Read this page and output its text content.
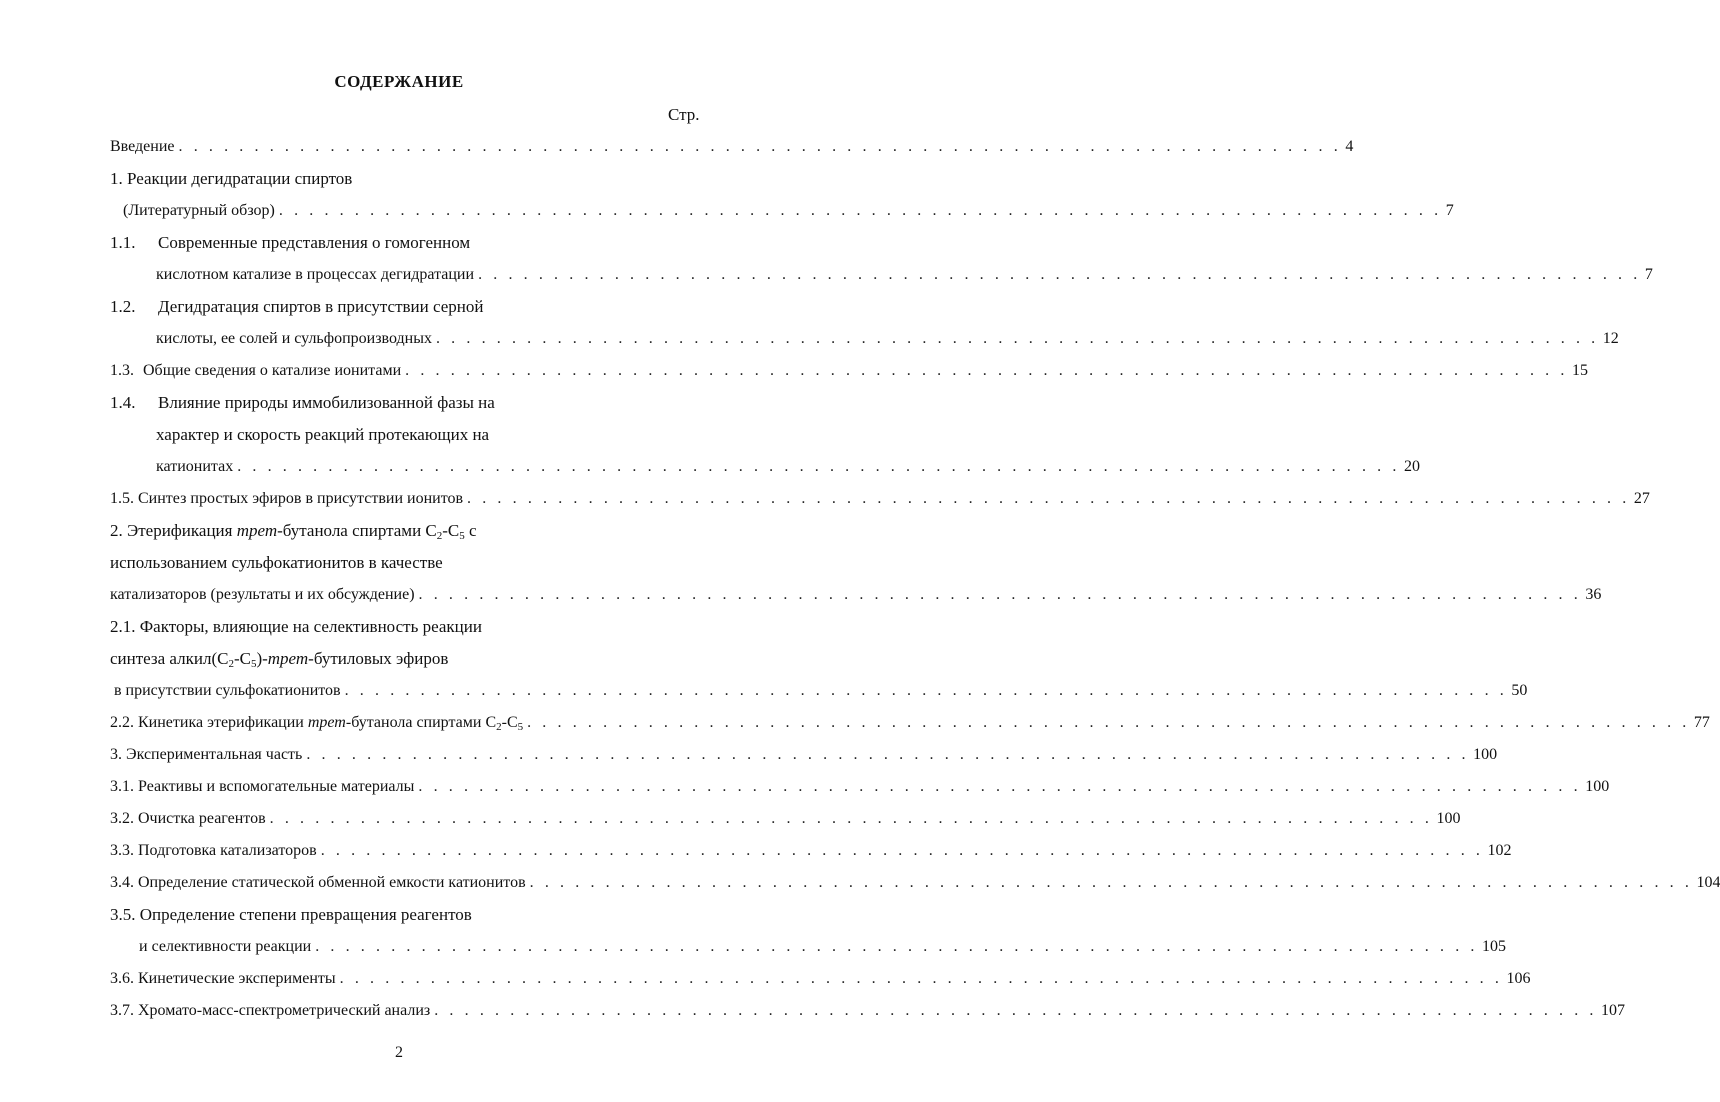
СОДЕРЖАНИЕ
Стр.
Введение . . . . . . . . . . . . . . . . . . . . . . . . . . . . . . . . . . . . . . . . . . . . . . . . . . . . . . . . . . . . . . . . . . . . . . . . . . . . . 4
1. Реакции дегидратации спиртов
(Литературный обзор) . . . . . . . . . . . . . . . . . . . . . . . . . . . . . . . . . . . . . . . . . . . . . . . . . . . . . . . . . . . . . . . . . . . . . . . . . . . . . 7
1.1. Современные представления о гомогенном
кислотном катализе в процессах дегидратации . . . . . . . . . . . . . . . . . . . . . . . . . . . . . . . . . . . . . . . . . . . . . . . . . . . . . . . . . . . . . . . . . . . . . . . . . . . . . 7
1.2. Дегидратация спиртов в присутствии серной
кислоты, ее солей и сульфопроизводных . . . . . . . . . . . . . . . . . . . . . . . . . . . . . . . . . . . . . . . . . . . . . . . . . . . . . . . . . . . . . . . . . . . . . . . . . . . . . 12
1.3. Общие сведения о катализе ионитами . . . . . . . . . . . . . . . . . . . . . . . . . . . . . . . . . . . . . . . . . . . . . . . . . . . . . . . . . . . . . . . . . . . . . . . . . . . . . 15
1.4. Влияние природы иммобилизованной фазы на
характер и скорость реакций протекающих на
катионитах . . . . . . . . . . . . . . . . . . . . . . . . . . . . . . . . . . . . . . . . . . . . . . . . . . . . . . . . . . . . . . . . . . . . . . . . . . . . . 20
1.5. Синтез простых эфиров в присутствии ионитов . . . . . . . . . . . . . . . . . . . . . . . . . . . . . . . . . . . . . . . . . . . . . . . . . . . . . . . . . . . . . . . . . . . . . . . . . . . . . 27
2. Этерификация трет-бутанола спиртами $C_2-C_5$ с
использованием сульфокатионитов в качестве
катализаторов (результаты и их обсуждение) . . . . . . . . . . . . . . . . . . . . . . . . . . . . . . . . . . . . . . . . . . . . . . . . . . . . . . . . . . . . . . . . . . . . . . . . . . . . . 36
2.1. Факторы, влияющие на селективность реакции
синтеза $алкил(C_2-C_5)-трет$-бутиловых эфиров
в присутствии сульфокатионитов . . . . . . . . . . . . . . . . . . . . . . . . . . . . . . . . . . . . . . . . . . . . . . . . . . . . . . . . . . . . . . . . . . . . . . . . . . . . . 50
2.2. Кинетика этерификации трет-бутанола спиртами $C_2-C_5$ . . . . . . . . . . . . . . . . . . . . . . . . . . . . . . . . . . . . . . . . . . . . . . . . . . . . . . . . . . . . . . . . . . . . . . . . . . . . . 77
3. Экспериментальная часть . . . . . . . . . . . . . . . . . . . . . . . . . . . . . . . . . . . . . . . . . . . . . . . . . . . . . . . . . . . . . . . . . . . . . . . . . . . . . 100
3.1. Реактивы и вспомогательные материалы . . . . . . . . . . . . . . . . . . . . . . . . . . . . . . . . . . . . . . . . . . . . . . . . . . . . . . . . . . . . . . . . . . . . . . . . . . . . . 100
3.2. Очистка реагентов . . . . . . . . . . . . . . . . . . . . . . . . . . . . . . . . . . . . . . . . . . . . . . . . . . . . . . . . . . . . . . . . . . . . . . . . . . . . . 100
3.3. Подготовка катализаторов . . . . . . . . . . . . . . . . . . . . . . . . . . . . . . . . . . . . . . . . . . . . . . . . . . . . . . . . . . . . . . . . . . . . . . . . . . . . . 102
3.4. Определение статической обменной емкости катионитов . . . . . . . . . . . . . . . . . . . . . . . . . . . . . . . . . . . . . . . . . . . . . . . . . . . . . . . . . . . . . . . . . . . . . . . . . . . . . 104
3.5. Определение степени превращения реагентов
и селективности реакции . . . . . . . . . . . . . . . . . . . . . . . . . . . . . . . . . . . . . . . . . . . . . . . . . . . . . . . . . . . . . . . . . . . . . . . . . . . . . 105
3.6. Кинетические эксперименты . . . . . . . . . . . . . . . . . . . . . . . . . . . . . . . . . . . . . . . . . . . . . . . . . . . . . . . . . . . . . . . . . . . . . . . . . . . . . 106
3.7. Хромато-масс-спектрометрический анализ . . . . . . . . . . . . . . . . . . . . . . . . . . . . . . . . . . . . . . . . . . . . . . . . . . . . . . . . . . . . . . . . . . . . . . . . . . . . . 107
2
